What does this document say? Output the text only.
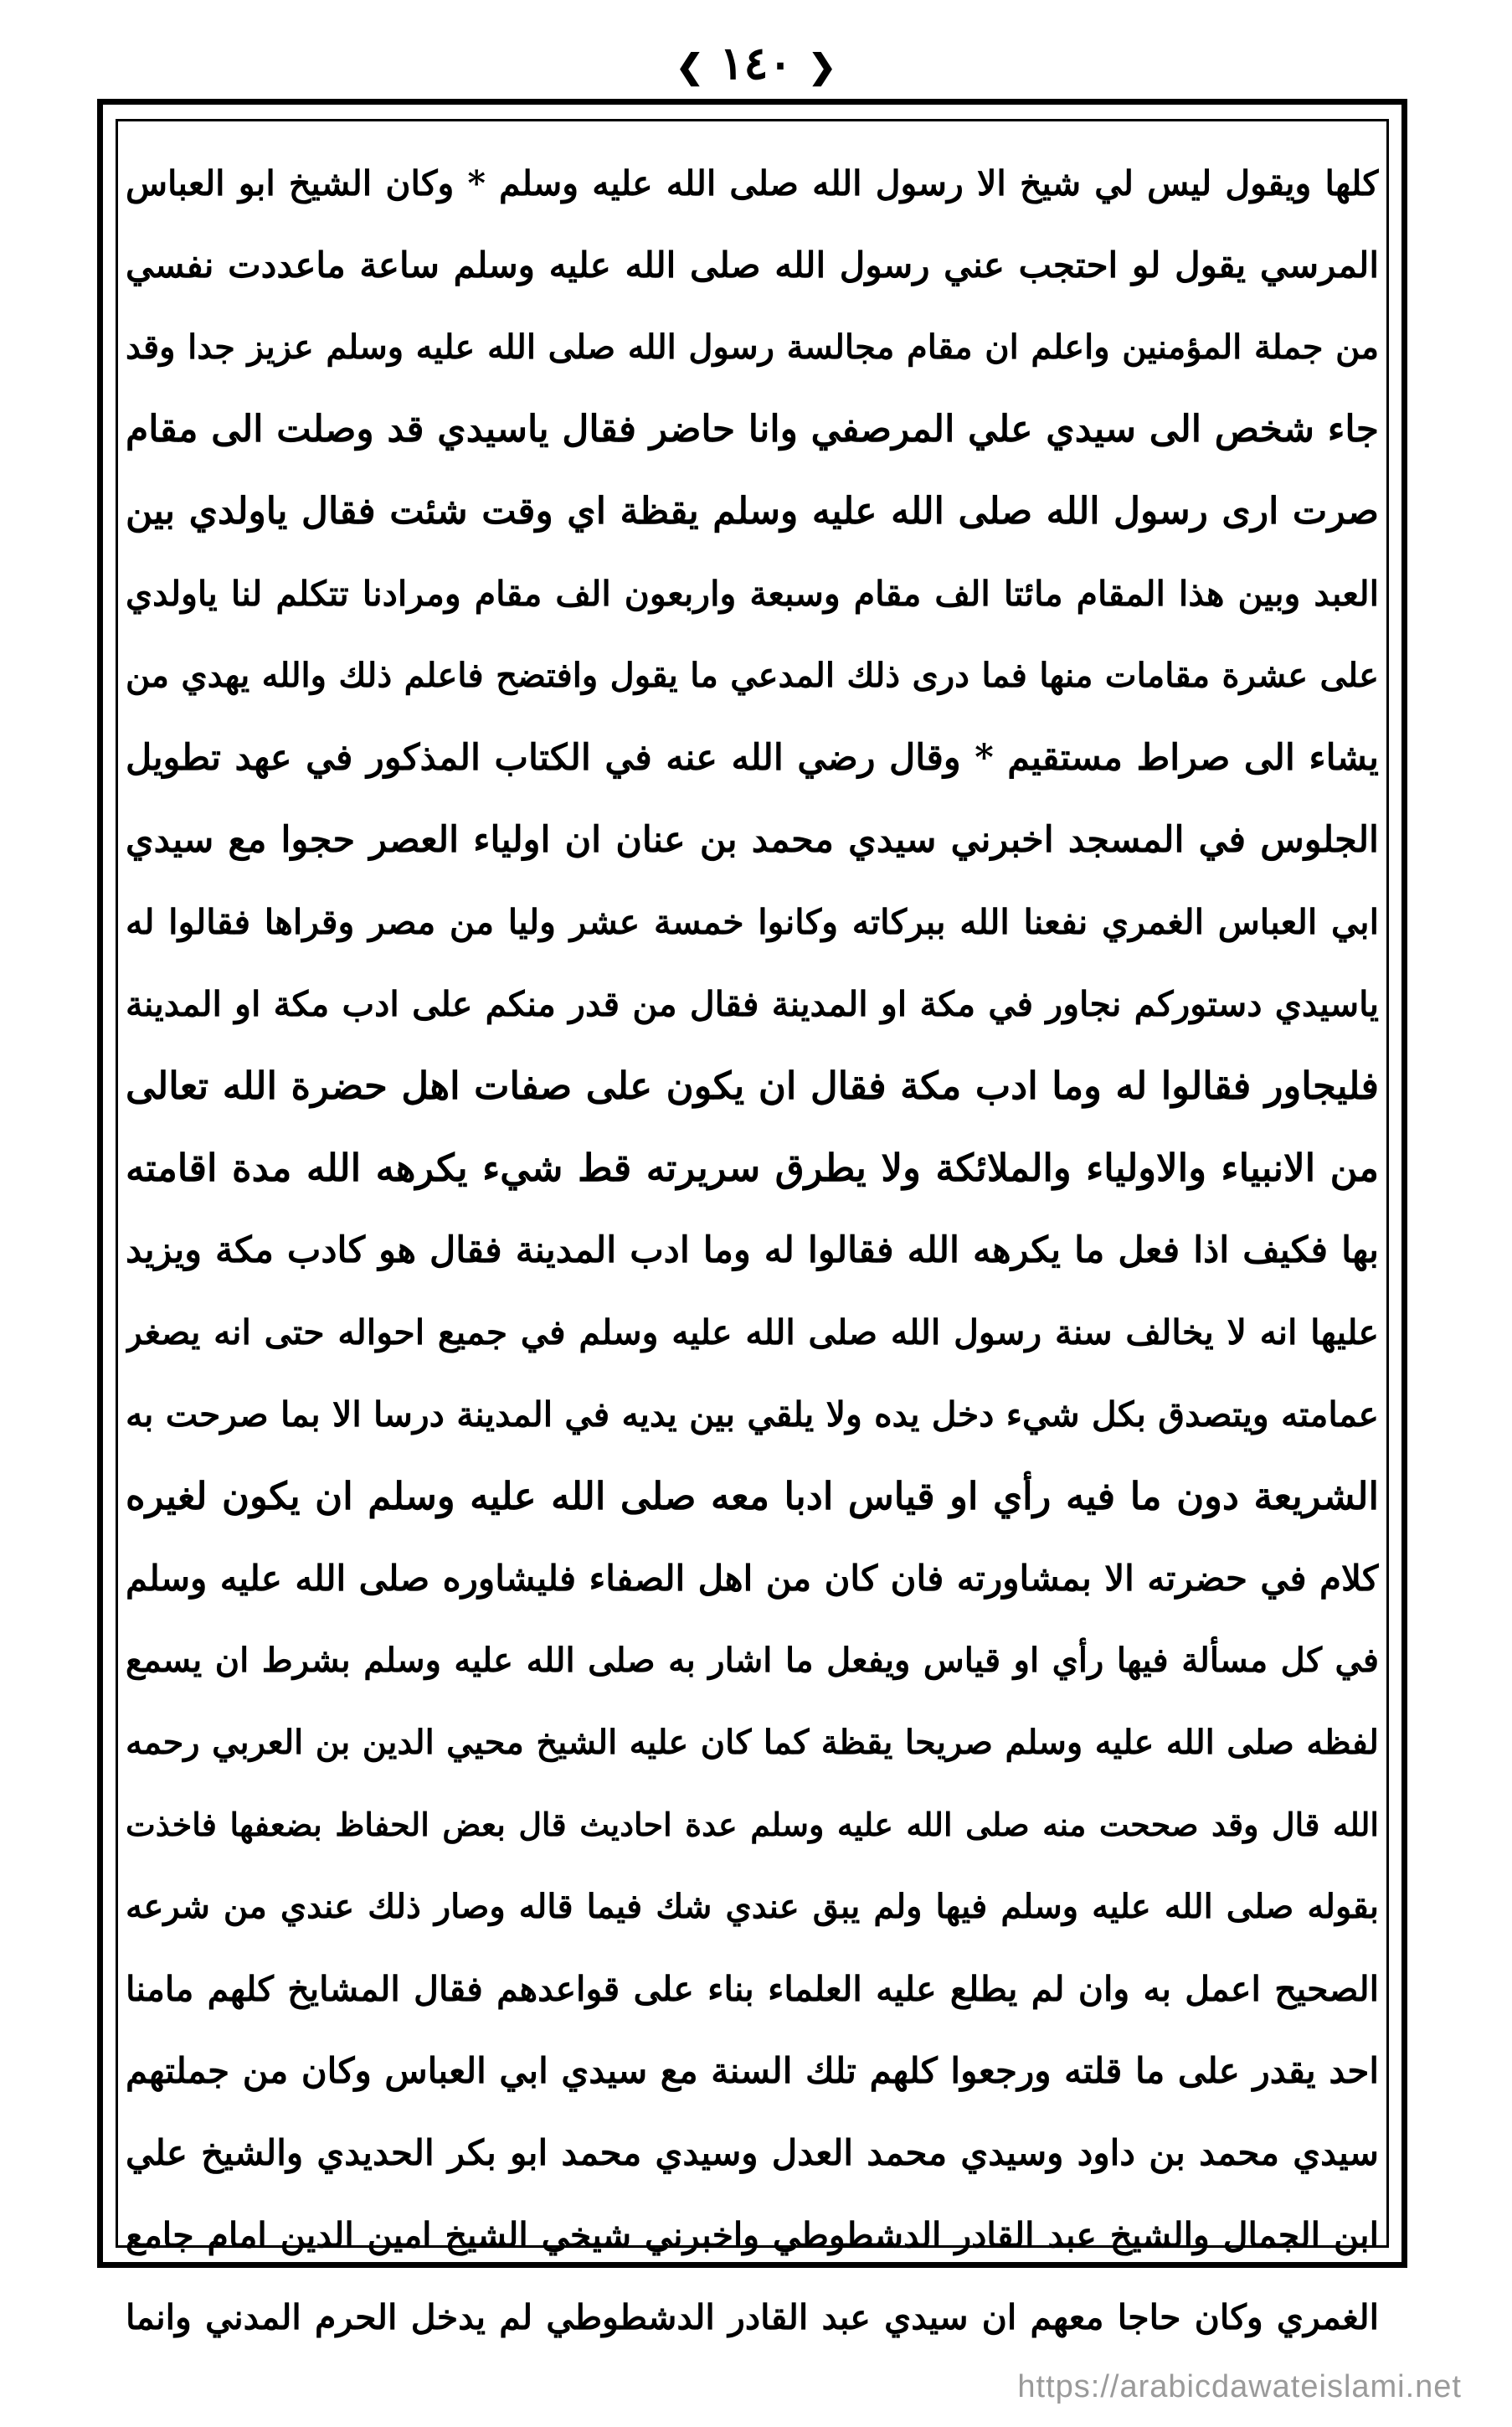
❮ ١٤٠ ❯
كلها ويقول ليس لي شيخ الا رسول الله صلى الله عليه وسلم * وكان الشيخ ابو العباس
المرسي يقول لو احتجب عني رسول الله صلى الله عليه وسلم ساعة ماعددت نفسي
من جملة المؤمنين واعلم ان مقام مجالسة رسول الله صلى الله عليه وسلم عزيز جدا وقد
جاء شخص الى سيدي علي المرصفي وانا حاضر فقال ياسيدي قد وصلت الى مقام
صرت ارى رسول الله صلى الله عليه وسلم يقظة اي وقت شئت فقال ياولدي بين
العبد وبين هذا المقام مائتا الف مقام وسبعة واربعون الف مقام ومرادنا تتكلم لنا ياولدي
على عشرة مقامات منها فما درى ذلك المدعي ما يقول وافتضح فاعلم ذلك والله يهدي من
يشاء الى صراط مستقيم * وقال رضي الله عنه في الكتاب المذكور في عهد تطويل
الجلوس في المسجد اخبرني سيدي محمد بن عنان ان اولياء العصر حجوا مع سيدي
ابي العباس الغمري نفعنا الله ببركاته وكانوا خمسة عشر وليا من مصر وقراها فقالوا له
ياسيدي دستوركم نجاور في مكة او المدينة فقال من قدر منكم على ادب مكة او المدينة
فليجاور فقالوا له وما ادب مكة فقال ان يكون على صفات اهل حضرة الله تعالى
من الانبياء والاولياء والملائكة ولا يطرق سريرته قط شيء يكرهه الله مدة اقامته
بها فكيف اذا فعل ما يكرهه الله فقالوا له وما ادب المدينة فقال هو كادب مكة ويزيد
عليها انه لا يخالف سنة رسول الله صلى الله عليه وسلم في جميع احواله حتى انه يصغر
عمامته ويتصدق بكل شيء دخل يده ولا يلقي بين يديه في المدينة درسا الا بما صرحت به
الشريعة دون ما فيه رأي او قياس ادبا معه صلى الله عليه وسلم ان يكون لغيره
كلام في حضرته الا بمشاورته فان كان من اهل الصفاء فليشاوره صلى الله عليه وسلم
في كل مسألة فيها رأي او قياس ويفعل ما اشار به صلى الله عليه وسلم بشرط ان يسمع
لفظه صلى الله عليه وسلم صريحا يقظة كما كان عليه الشيخ محيي الدين بن العربي رحمه
الله قال وقد صححت منه صلى الله عليه وسلم عدة احاديث قال بعض الحفاظ بضعفها فاخذت
بقوله صلى الله عليه وسلم فيها ولم يبق عندي شك فيما قاله وصار ذلك عندي من شرعه
الصحيح اعمل به وان لم يطلع عليه العلماء بناء على قواعدهم فقال المشايخ كلهم مامنا
احد يقدر على ما قلته ورجعوا كلهم تلك السنة مع سيدي ابي العباس وكان من جملتهم
سيدي محمد بن داود وسيدي محمد العدل وسيدي محمد ابو بكر الحديدي والشيخ علي
ابن الجمال والشيخ عبد القادر الدشطوطي واخبرني شيخي الشيخ امين الدين امام جامع
الغمري وكان حاجا معهم ان سيدي عبد القادر الدشطوطي لم يدخل الحرم المدني وانما
https://arabicdawateislami.net
